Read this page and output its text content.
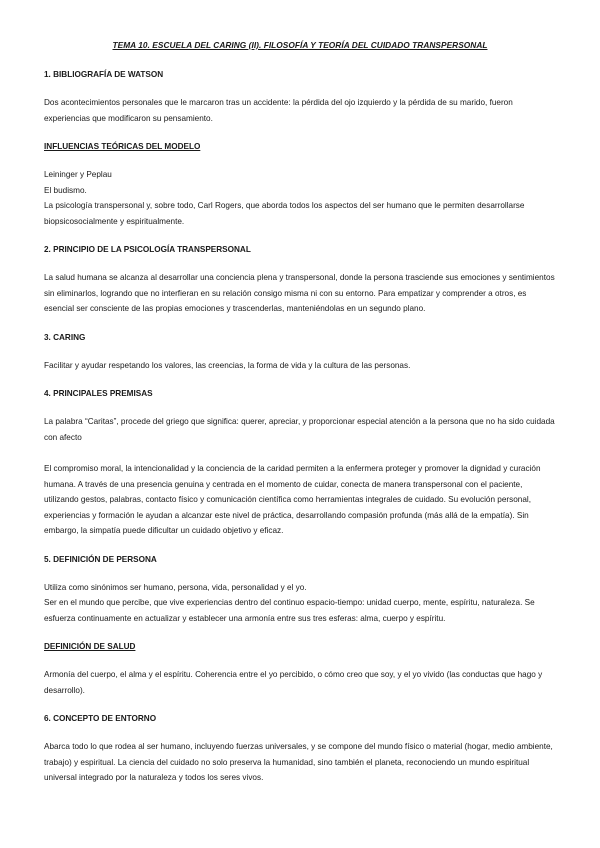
TEMA 10. ESCUELA DEL CARING (II). FILOSOFÍA Y TEORÍA DEL CUIDADO TRANSPERSONAL
1. BIBLIOGRAFÍA DE WATSON
Dos acontecimientos personales que le marcaron tras un accidente: la pérdida del ojo izquierdo y la pérdida de su marido, fueron experiencias que modificaron su pensamiento.
INFLUENCIAS TEÓRICAS DEL MODELO
Leininger y Peplau
El budismo.
La psicología transpersonal y, sobre todo, Carl Rogers, que aborda todos los aspectos del ser humano que le permiten desarrollarse biopsicosocialmente y espiritualmente.
2. PRINCIPIO DE LA PSICOLOGÍA TRANSPERSONAL
La salud humana se alcanza al desarrollar una conciencia plena y transpersonal, donde la persona trasciende sus emociones y sentimientos sin eliminarlos, logrando que no interfieran en su relación consigo misma ni con su entorno. Para empatizar y comprender a otros, es esencial ser consciente de las propias emociones y trascenderlas, manteniéndolas en un segundo plano.
3. CARING
Facilitar y ayudar respetando los valores, las creencias, la forma de vida y la cultura de las personas.
4. PRINCIPALES PREMISAS
La palabra “Caritas”, procede del griego que significa: querer, apreciar, y proporcionar especial atención a la persona que no ha sido cuidada con afecto
El compromiso moral, la intencionalidad y la conciencia de la caridad permiten a la enfermera proteger y promover la dignidad y curación humana. A través de una presencia genuina y centrada en el momento de cuidar, conecta de manera transpersonal con el paciente, utilizando gestos, palabras, contacto físico y comunicación científica como herramientas integrales de cuidado. Su evolución personal, experiencias y formación le ayudan a alcanzar este nivel de práctica, desarrollando compasión profunda (más allá de la empatía). Sin embargo, la simpatía puede dificultar un cuidado objetivo y eficaz.
5. DEFINICIÓN DE PERSONA
Utiliza como sinónimos ser humano, persona, vida, personalidad y el yo.
Ser en el mundo que percibe, que vive experiencias dentro del continuo espacio-tiempo: unidad cuerpo, mente, espíritu, naturaleza. Se esfuerza continuamente en actualizar y establecer una armonía entre sus tres esferas: alma, cuerpo y espíritu.
DEFINICIÓN DE SALUD
Armonía del cuerpo, el alma y el espíritu. Coherencia entre el yo percibido, o cómo creo que soy, y el yo vivido (las conductas que hago y desarrollo).
6. CONCEPTO DE ENTORNO
Abarca todo lo que rodea al ser humano, incluyendo fuerzas universales, y se compone del mundo físico o material (hogar, medio ambiente, trabajo) y espiritual. La ciencia del cuidado no solo preserva la humanidad, sino también el planeta, reconociendo un mundo espiritual universal integrado por la naturaleza y todos los seres vivos.
